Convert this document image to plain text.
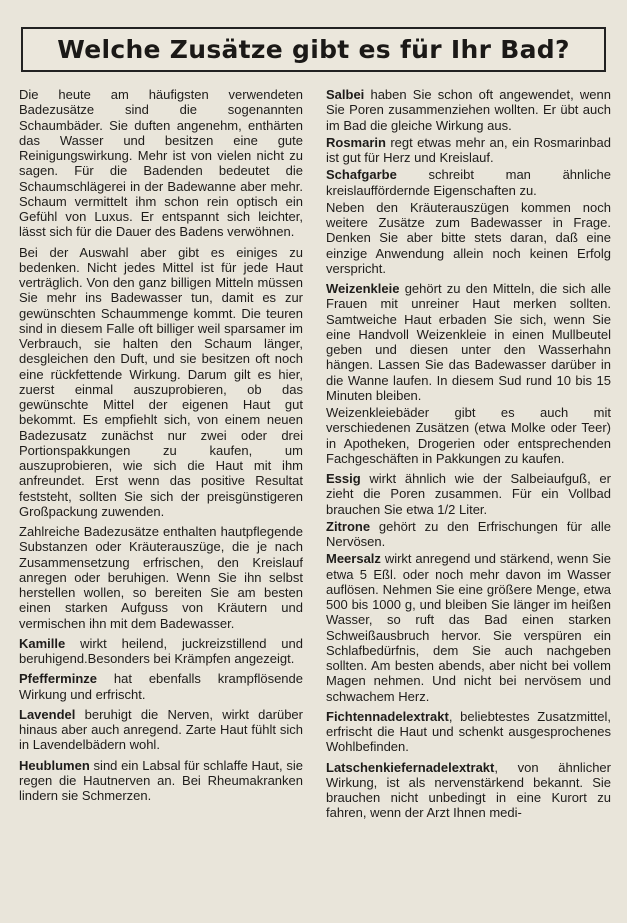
Welche Zusätze gibt es für Ihr Bad?

Die heute am häufigsten verwendeten Badezusätze sind die sogenannten Schaumbäder. Sie duften angenehm, enthärten das Wasser und besitzen eine gute Reinigungswirkung. Mehr ist von vielen nicht zu sagen. Für die Badenden bedeutet die Schaumschlägerei in der Badewanne aber mehr. Schaum vermittelt ihm schon rein optisch ein Gefühl von Luxus. Er entspannt sich leichter, lässt sich für die Dauer des Badens verwöhnen.

Bei der Auswahl aber gibt es einiges zu bedenken. Nicht jedes Mittel ist für jede Haut verträglich. Von den ganz billigen Mitteln müssen Sie mehr ins Badewasser tun, damit es zur gewünschten Schaummenge kommt. Die teuren sind in diesem Falle oft billiger weil sparsamer im Verbrauch, sie halten den Schaum länger, desgleichen den Duft, und sie besitzen oft noch eine rückfettende Wirkung. Darum gilt es hier, zuerst einmal auszuprobieren, ob das gewünschte Mittel der eigenen Haut gut bekommt. Es empfiehlt sich, von einem neuen Badezusatz zunächst nur zwei oder drei Portionspakkungen zu kaufen, um auszuprobieren, wie sich die Haut mit ihm anfreundet. Erst wenn das positive Resultat feststeht, sollten Sie sich der preisgünstigeren Großpackung zuwenden.

Zahlreiche Badezusätze enthalten hautpflegende Substanzen oder Kräuterauszüge, die je nach Zusammensetzung erfrischen, den Kreislauf anregen oder beruhigen. Wenn Sie ihn selbst herstellen wollen, so bereiten Sie am besten einen starken Aufguss von Kräutern und vermischen ihn mit dem Badewasser.

Kamille wirkt heilend, juckreizstillend und beruhigend.Besonders bei Krämpfen angezeigt.

Pfefferminze hat ebenfalls krampflösende Wirkung und erfrischt.

Lavendel beruhigt die Nerven, wirkt darüber hinaus aber auch anregend. Zarte Haut fühlt sich in Lavendelbädern wohl.

Heublumen sind ein Labsal für schlaffe Haut, sie regen die Hautnerven an. Bei Rheumakranken lindern sie Schmerzen.

Salbei haben Sie schon oft angewendet, wenn Sie Poren zusammenziehen wollten. Er übt auch im Bad die gleiche Wirkung aus.

Rosmarin regt etwas mehr an, ein Rosmarinbad ist gut für Herz und Kreislauf.

Schafgarbe schreibt man ähnliche kreislauffördernde Eigenschaften zu.

Neben den Kräuterauszügen kommen noch weitere Zusätze zum Badewasser in Frage. Denken Sie aber bitte stets daran, daß eine einzige Anwendung allein noch keinen Erfolg verspricht.

Weizenkleie gehört zu den Mitteln, die sich alle Frauen mit unreiner Haut merken sollten. Samtweiche Haut erbaden Sie sich, wenn Sie eine Handvoll Weizenkleie in einen Mullbeutel geben und diesen unter den Wasserhahn hängen. Lassen Sie das Badewasser darüber in die Wanne laufen. In diesem Sud rund 10 bis 15 Minuten bleiben.

Weizenkleiebäder gibt es auch mit verschiedenen Zusätzen (etwa Molke oder Teer) in Apotheken, Drogerien oder entsprechenden Fachgeschäften in Pakkungen zu kaufen.

Essig wirkt ähnlich wie der Salbeiaufguß, er zieht die Poren zusammen. Für ein Vollbad brauchen Sie etwa 1/2 Liter.

Zitrone gehört zu den Erfrischungen für alle Nervösen.

Meersalz wirkt anregend und stärkend, wenn Sie etwa 5 Eßl. oder noch mehr davon im Wasser auflösen. Nehmen Sie eine größere Menge, etwa 500 bis 1000 g, und bleiben Sie länger im heißen Wasser, so ruft das Bad einen starken Schweißausbruch hervor. Sie verspüren ein Schlafbedürfnis, dem Sie auch nachgeben sollten. Am besten abends, aber nicht bei vollem Magen nehmen. Und nicht bei nervösem und schwachem Herz.

Fichtennadelextrakt, beliebtestes Zusatzmittel, erfrischt die Haut und schenkt ausgesprochenes Wohlbefinden.

Latschenkiefernadelextrakt, von ähnlicher Wirkung, ist als nervenstärkend bekannt. Sie brauchen nicht unbedingt in eine Kurort zu fahren, wenn der Arzt Ihnen medi-
